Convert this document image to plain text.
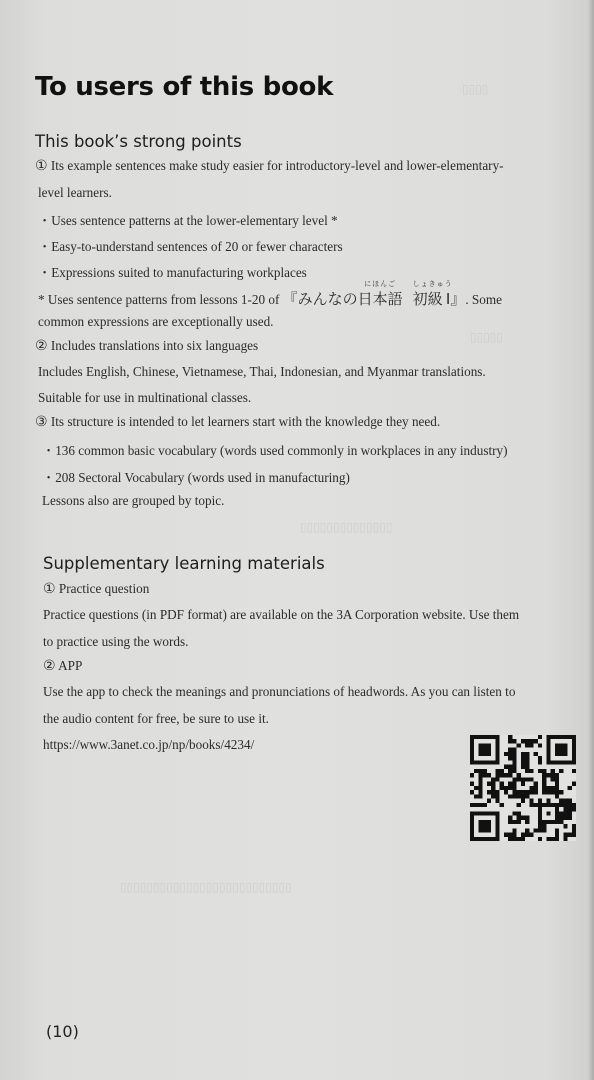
▯▯▯▯
▯▯▯▯▯
▯▯▯▯▯▯▯▯▯▯▯▯▯▯
▯▯▯▯▯▯▯▯▯▯▯▯▯▯▯▯▯▯▯▯▯▯▯▯▯▯
To users of this book
This book’s strong points
① Its example sentences make study easier for introductory-level and lower-elementary-
level learners.
・Uses sentence patterns at the lower-elementary level *
・Easy-to-understand sentences of 20 or fewer characters
・Expressions suited to manufacturing workplaces
* Uses sentence patterns from lessons 1-20 of 『みんなの
にほんご
日本語
しょきゅう
初級 Ⅰ』. Some
common expressions are exceptionally used.
② Includes translations into six languages
Includes English, Chinese, Vietnamese, Thai, Indonesian, and Myanmar translations.
Suitable for use in multinational classes.
③ Its structure is intended to let learners start with the knowledge they need.
・136 common basic vocabulary (words used commonly in workplaces in any industry)
・208 Sectoral Vocabulary (words used in manufacturing)
Lessons also are grouped by topic.
Supplementary learning materials
① Practice question
Practice questions (in PDF format) are available on the 3A Corporation website. Use them
to practice using the words.
② APP
Use the app to check the meanings and pronunciations of headwords. As you can listen to
the audio content for free, be sure to use it.
https://www.3anet.co.jp/np/books/4234/
(10)
